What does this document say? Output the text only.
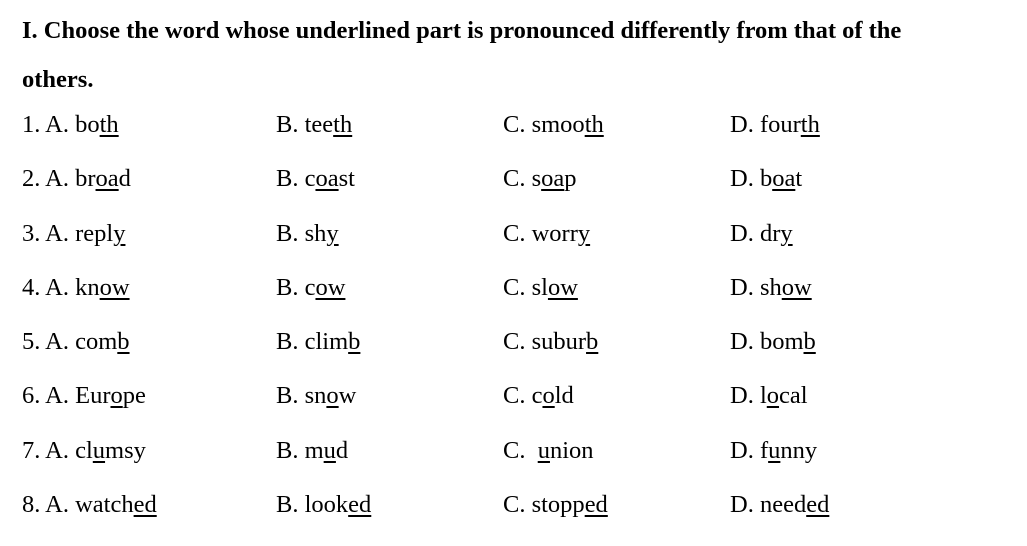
I. Choose the word whose underlined part is pronounced differently from that of the
others.
1. A. both	B. teeth	C. smooth	D. fourth
2. A. broad	B. coast	C. soap	D. boat
3. A. reply	B. shy	C. worry	D. dry
4. A. know	B. cow	C. slow	D. show
5. A. comb	B. climb	C. suburb	D. bomb
6. A. Europe	B. snow	C. cold	D. local
7. A. clumsy	B. mud	C. union	D. funny
8. A. watched	B. looked	C. stopped	D. needed
